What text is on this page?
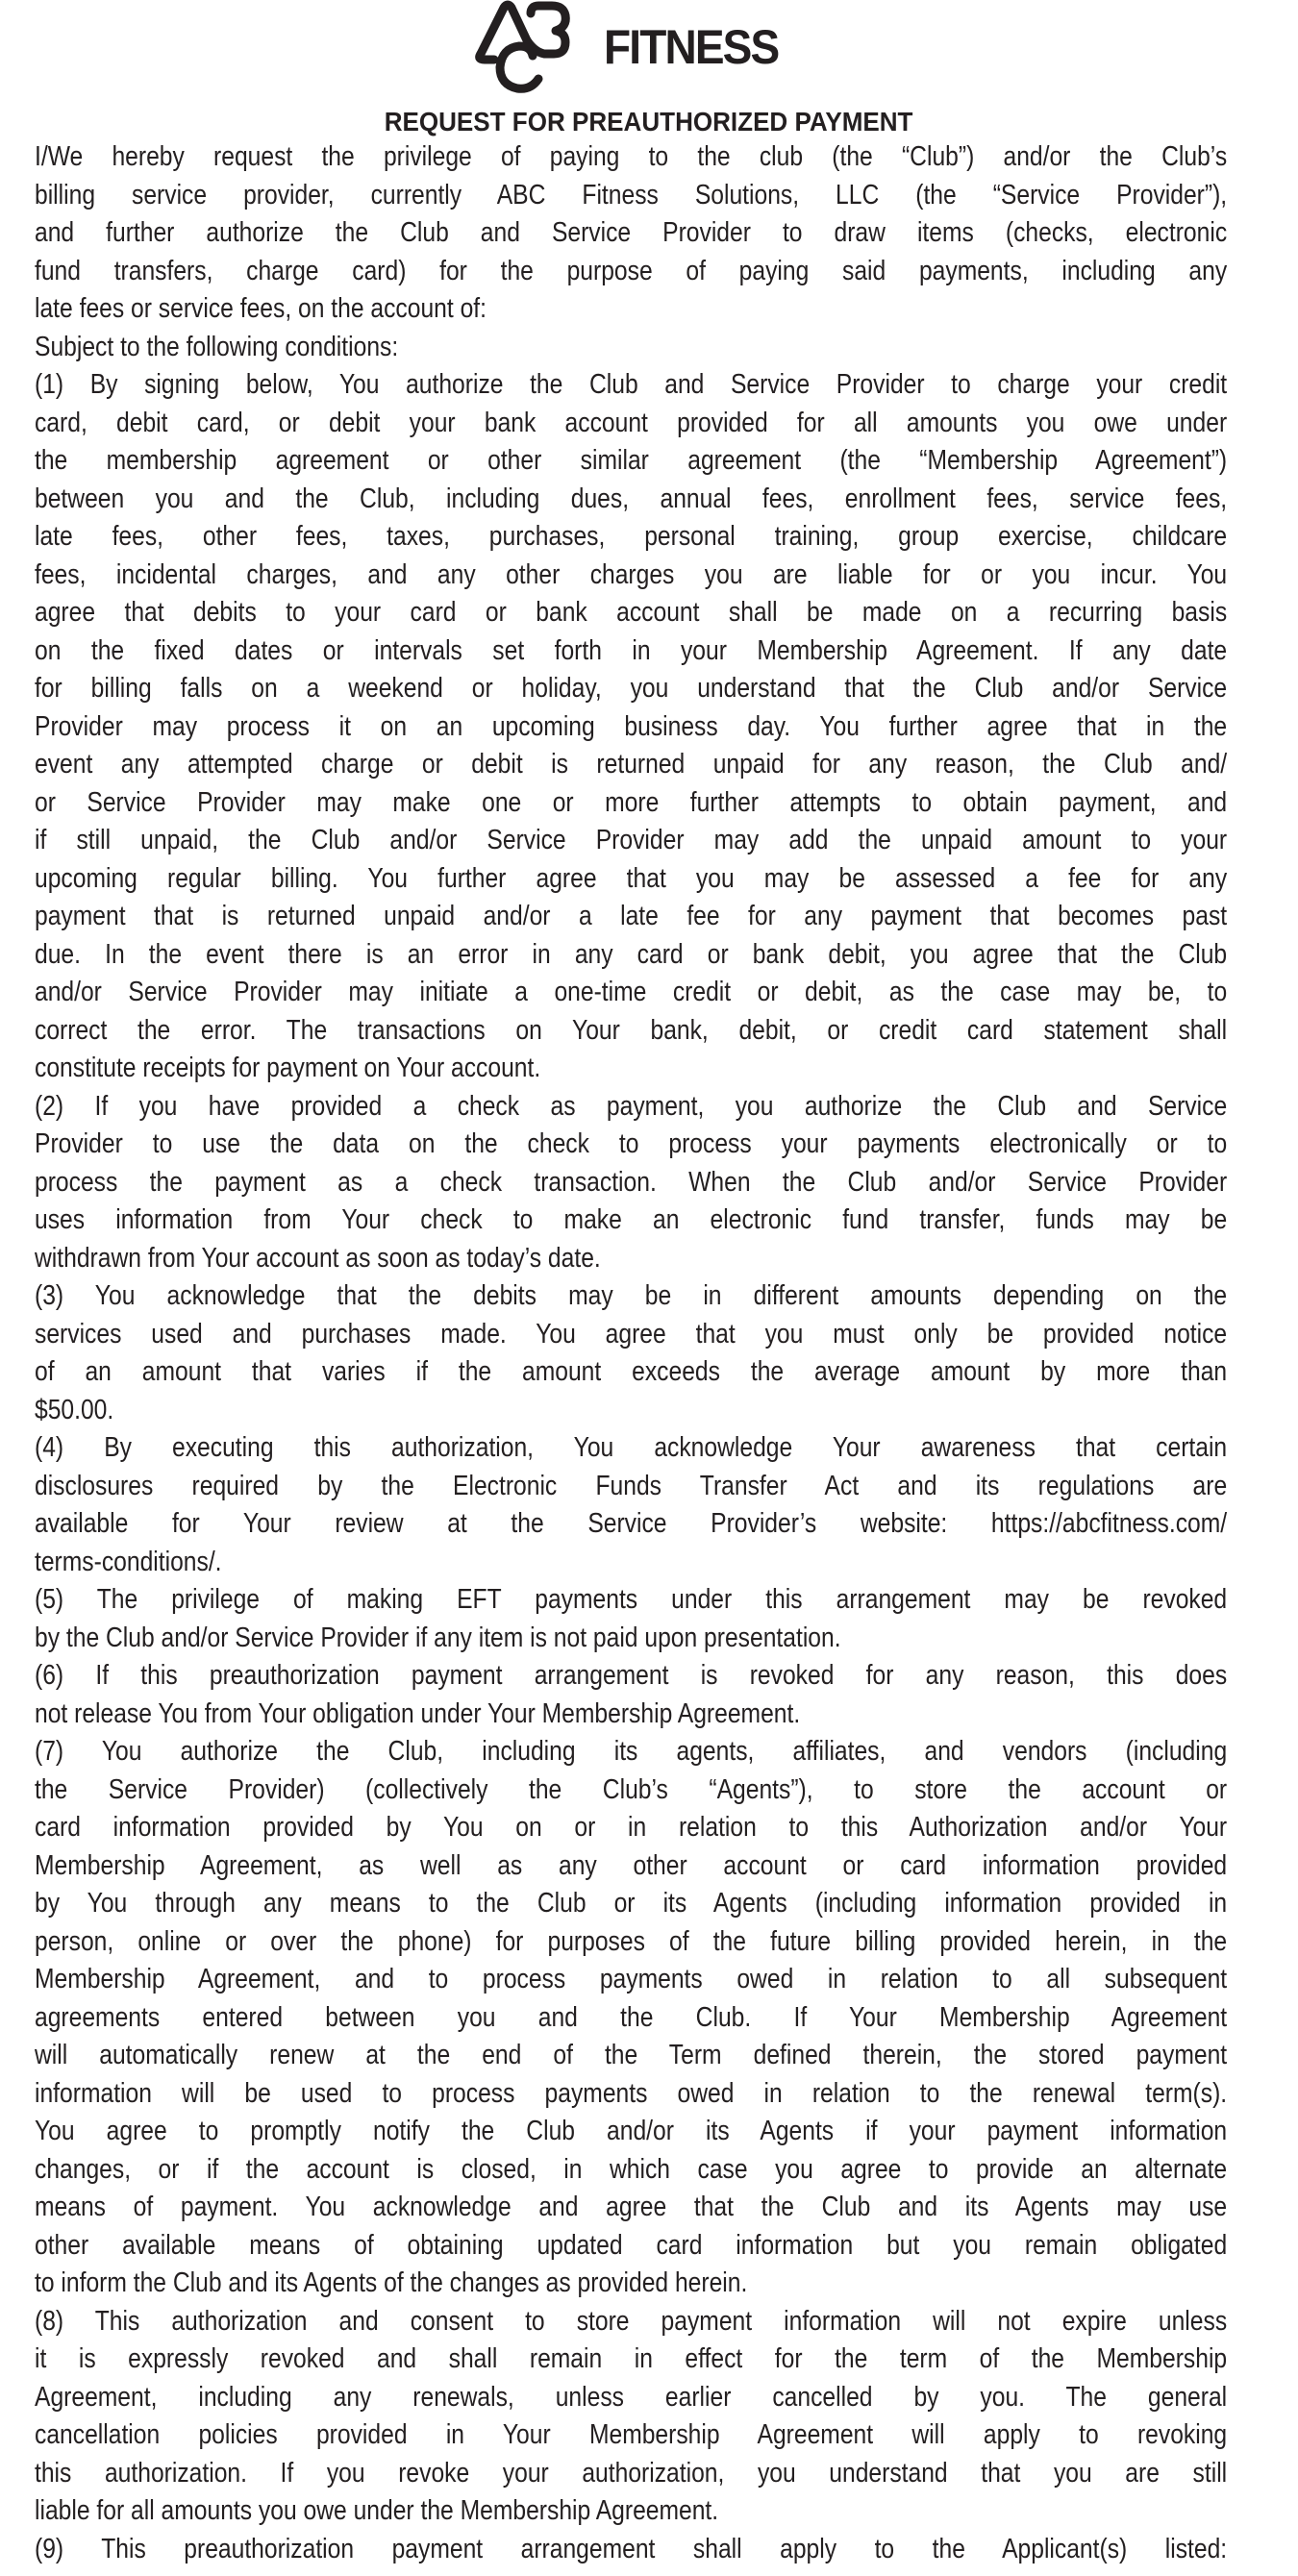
FITNESS
REQUEST FOR PREAUTHORIZED PAYMENT
I/We hereby request the privilege of paying to the club (the “Club”) and/or the Club’s
billing service provider, currently ABC Fitness Solutions, LLC (the “Service Provider”),
and further authorize the Club and Service Provider to draw items (checks, electronic
fund transfers, charge card) for the purpose of paying said payments, including any
late fees or service fees, on the account of:
Subject to the following conditions:
(1) By signing below, You authorize the Club and Service Provider to charge your credit
card, debit card, or debit your bank account provided for all amounts you owe under
the membership agreement or other similar agreement (the “Membership Agreement”)
between you and the Club, including dues, annual fees, enrollment fees, service fees,
late fees, other fees, taxes, purchases, personal training, group exercise, childcare
fees, incidental charges, and any other charges you are liable for or you incur. You
agree that debits to your card or bank account shall be made on a recurring basis
on the fixed dates or intervals set forth in your Membership Agreement. If any date
for billing falls on a weekend or holiday, you understand that the Club and/or Service
Provider may process it on an upcoming business day. You further agree that in the
event any attempted charge or debit is returned unpaid for any reason, the Club and/
or Service Provider may make one or more further attempts to obtain payment, and
if still unpaid, the Club and/or Service Provider may add the unpaid amount to your
upcoming regular billing. You further agree that you may be assessed a fee for any
payment that is returned unpaid and/or a late fee for any payment that becomes past
due. In the event there is an error in any card or bank debit, you agree that the Club
and/or Service Provider may initiate a one-time credit or debit, as the case may be, to
correct the error. The transactions on Your bank, debit, or credit card statement shall
constitute receipts for payment on Your account.
(2) If you have provided a check as payment, you authorize the Club and Service
Provider to use the data on the check to process your payments electronically or to
process the payment as a check transaction. When the Club and/or Service Provider
uses information from Your check to make an electronic fund transfer, funds may be
withdrawn from Your account as soon as today’s date.
(3) You acknowledge that the debits may be in different amounts depending on the
services used and purchases made. You agree that you must only be provided notice
of an amount that varies if the amount exceeds the average amount by more than
$50.00.
(4) By executing this authorization, You acknowledge Your awareness that certain
disclosures required by the Electronic Funds Transfer Act and its regulations are
available for Your review at the Service Provider’s website: https://abcfitness.com/
terms-conditions/.
(5) The privilege of making EFT payments under this arrangement may be revoked
by the Club and/or Service Provider if any item is not paid upon presentation.
(6) If this preauthorization payment arrangement is revoked for any reason, this does
not release You from Your obligation under Your Membership Agreement.
(7) You authorize the Club, including its agents, affiliates, and vendors (including
the Service Provider) (collectively the Club’s “Agents”), to store the account or
card information provided by You on or in relation to this Authorization and/or Your
Membership Agreement, as well as any other account or card information provided
by You through any means to the Club or its Agents (including information provided in
person, online or over the phone) for purposes of the future billing provided herein, in the
Membership Agreement, and to process payments owed in relation to all subsequent
agreements entered between you and the Club. If Your Membership Agreement
will automatically renew at the end of the Term defined therein, the stored payment
information will be used to process payments owed in relation to the renewal term(s).
You agree to promptly notify the Club and/or its Agents if your payment information
changes, or if the account is closed, in which case you agree to provide an alternate
means of payment. You acknowledge and agree that the Club and its Agents may use
other available means of obtaining updated card information but you remain obligated
to inform the Club and its Agents of the changes as provided herein.
(8) This authorization and consent to store payment information will not expire unless
it is expressly revoked and shall remain in effect for the term of the Membership
Agreement, including any renewals, unless earlier cancelled by you. The general
cancellation policies provided in Your Membership Agreement will apply to revoking
this authorization. If you revoke your authorization, you understand that you are still
liable for all amounts you owe under the Membership Agreement.
(9) This preauthorization payment arrangement shall apply to the Applicant(s) listed:
